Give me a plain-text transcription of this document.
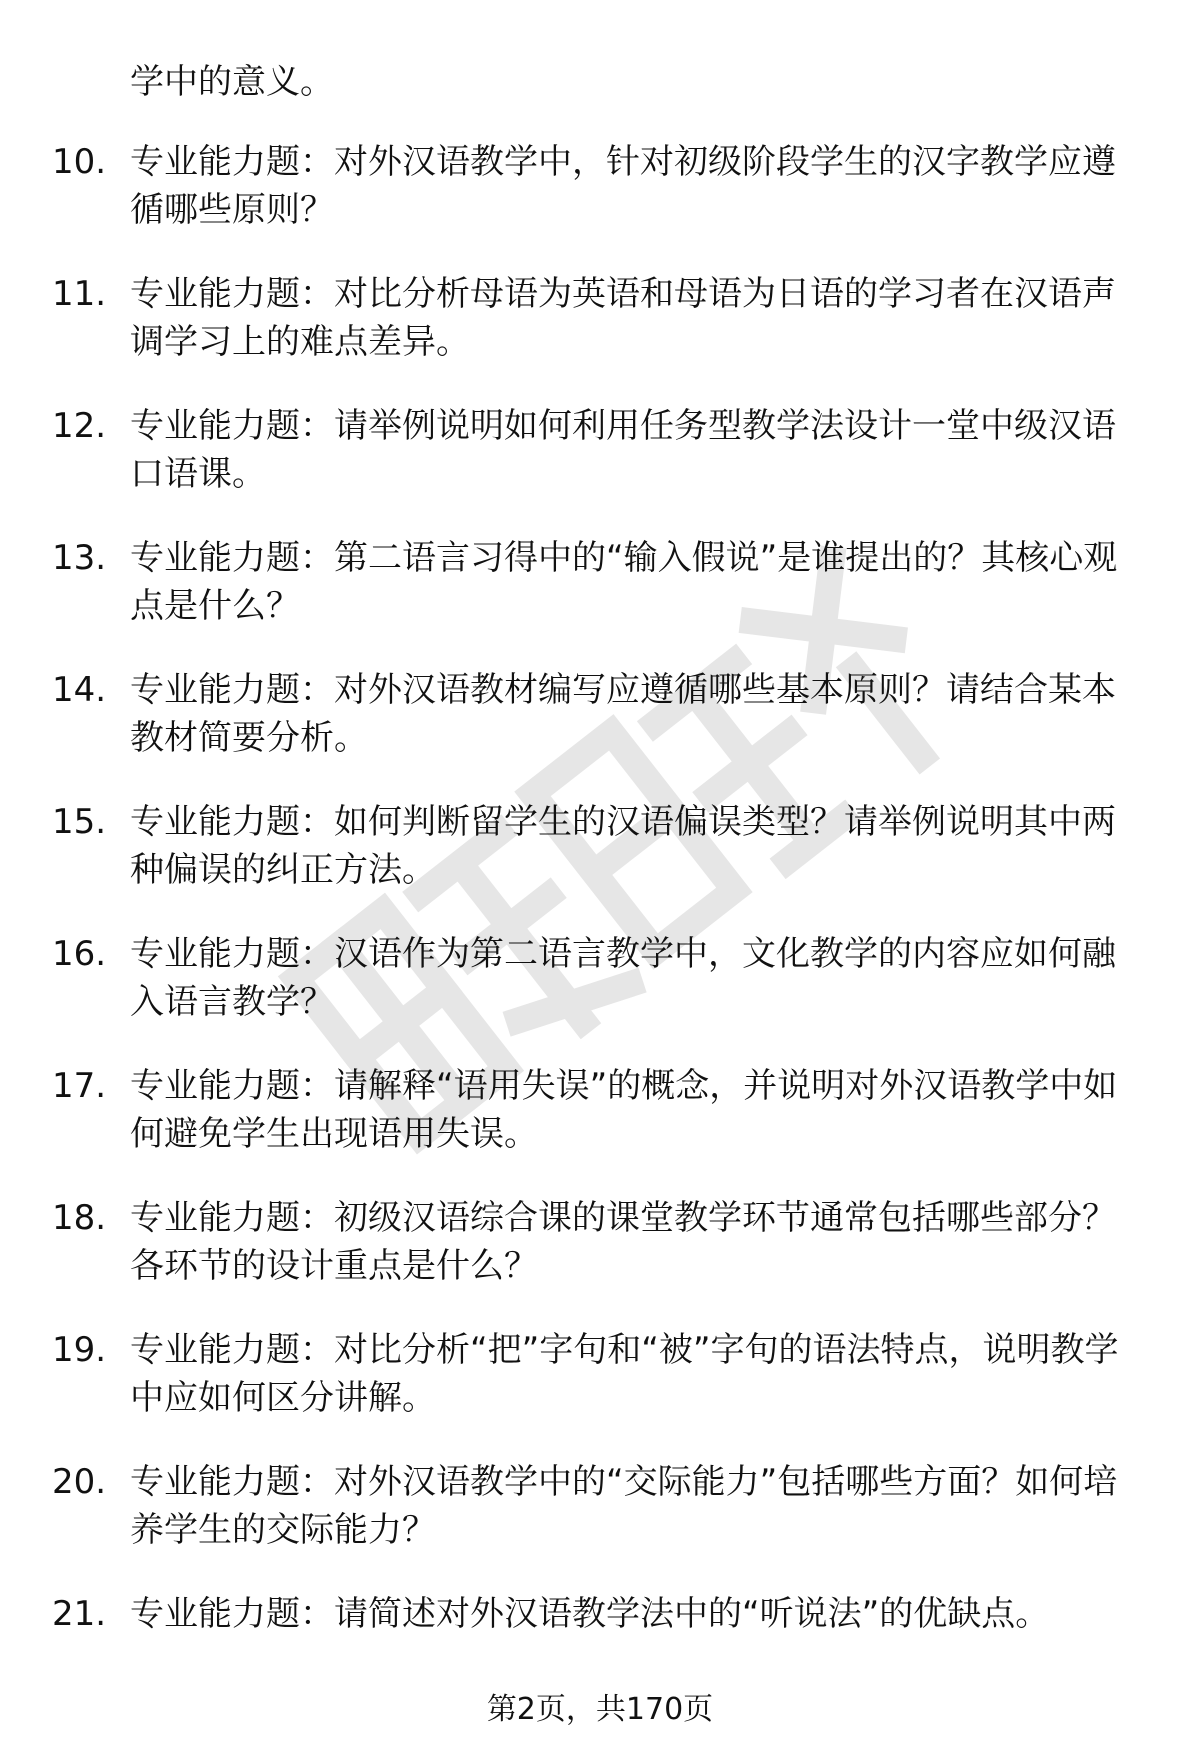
学中的意义。

10. 专业能力题：对外汉语教学中，针对初级阶段学生的汉字教学应遵循哪些原则？

11. 专业能力题：对比分析母语为英语和母语为日语的学习者在汉语声调学习上的难点差异。

12. 专业能力题：请举例说明如何利用任务型教学法设计一堂中级汉语口语课。

13. 专业能力题：第二语言习得中的“输入假说”是谁提出的？其核心观点是什么？

14. 专业能力题：对外汉语教材编写应遵循哪些基本原则？请结合某本教材简要分析。

15. 专业能力题：如何判断留学生的汉语偏误类型？请举例说明其中两种偏误的纠正方法。

16. 专业能力题：汉语作为第二语言教学中，文化教学的内容应如何融入语言教学？

17. 专业能力题：请解释“语用失误”的概念，并说明对外汉语教学中如何避免学生出现语用失误。

18. 专业能力题：初级汉语综合课的课堂教学环节通常包括哪些部分？各环节的设计重点是什么？

19. 专业能力题：对比分析“把”字句和“被”字句的语法特点，说明教学中应如何区分讲解。

20. 专业能力题：对外汉语教学中的“交际能力”包括哪些方面？如何培养学生的交际能力？

21. 专业能力题：请简述对外汉语教学法中的“听说法”的优缺点。

第2页，共170页
